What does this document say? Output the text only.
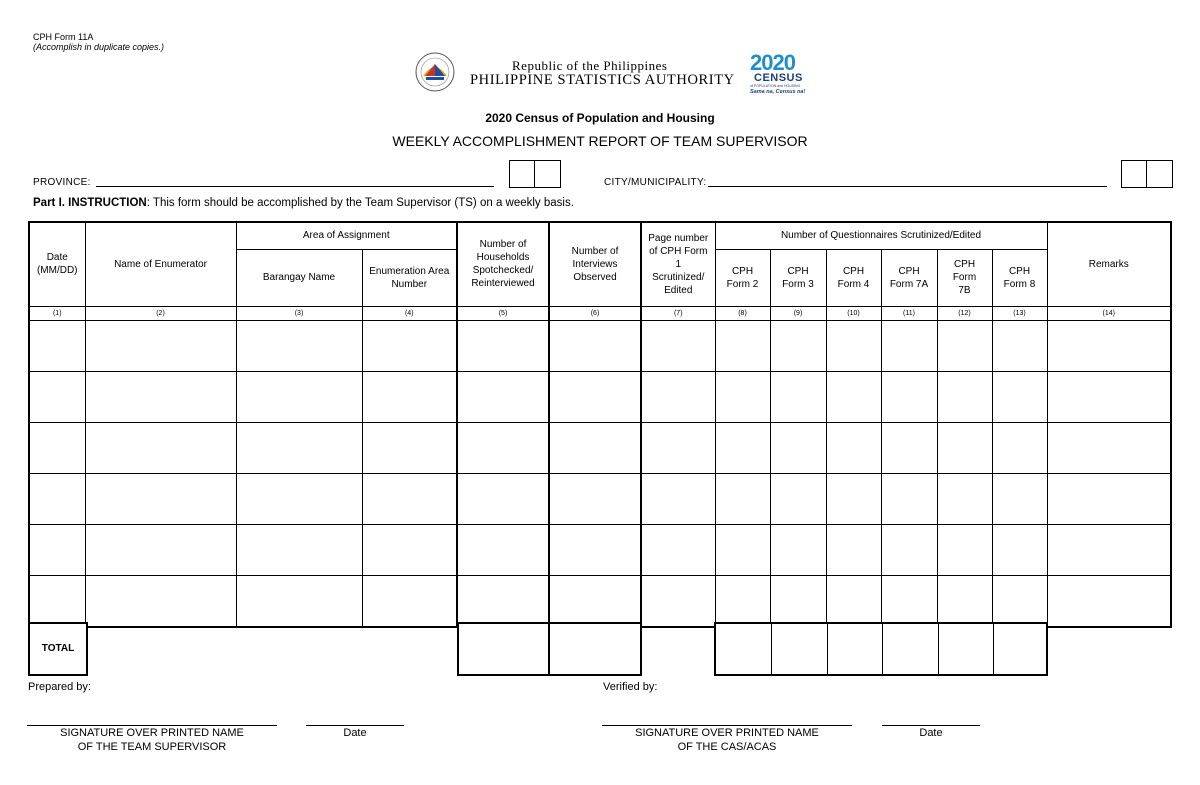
CPH Form 11A
(Accomplish in duplicate copies.)
Republic of the Philippines
PHILIPPINE STATISTICS AUTHORITY
2020
CENSUS
of POPULATION and HOUSING
Sama na, Census na!
2020 Census of Population and Housing
WEEKLY ACCOMPLISHMENT REPORT OF TEAM SUPERVISOR
PROVINCE:	CITY/MUNICIPALITY:
Part I. INSTRUCTION: This form should be accomplished by the Team Supervisor (TS) on a weekly basis.
Date (MM/DD)	Name of Enumerator	Area of Assignment		Number of Households Spotchecked/ Reinterviewed	Number of Interviews Observed	Page number of CPH Form 1 Scrutinized/ Edited	Number of Questionnaires Scrutinized/Edited						Remarks
		Barangay Name	Enumeration Area Number				CPH Form 2	CPH Form 3	CPH Form 4	CPH Form 7A	CPH Form 7B	CPH Form 8	
(1)	(2)	(3)	(4)	(5)	(6)	(7)	(8)	(9)	(10)	(11)	(12)	(13)	(14)

TOTAL
Prepared by:	Verified by:
SIGNATURE OVER PRINTED NAME
OF THE TEAM SUPERVISOR
Date	SIGNATURE OVER PRINTED NAME
OF THE CAS/ACAS
Date
